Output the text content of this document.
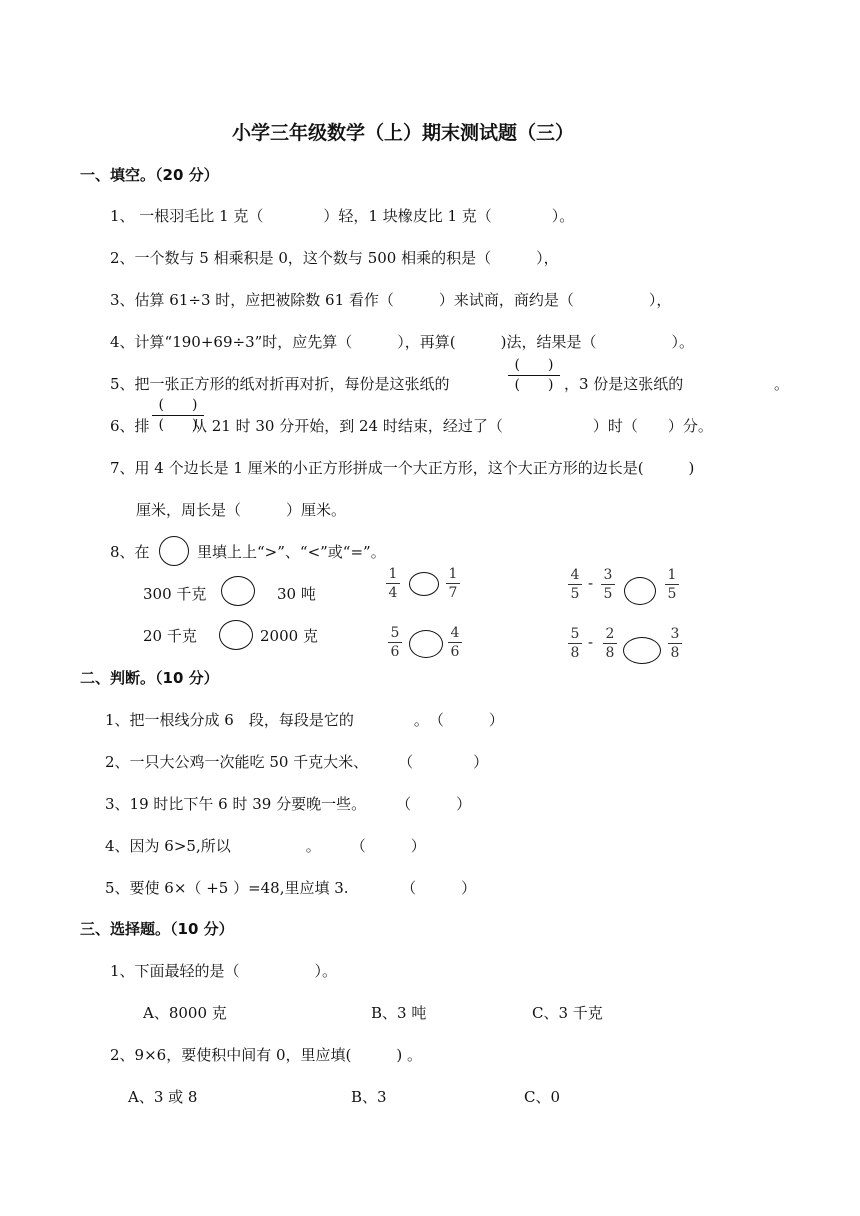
小学三年级数学（上）期末测试题（三）
一、填空。（20 分）
1、 一根羽毛比 1 克（　　　　）轻，1 块橡皮比 1 克（　　　　）。
2、一个数与 5 相乘积是 0，这个数与 500 相乘的积是（　　　），
3、估算 61÷3 时，应把被除数 61 看作（　　　）来试商，商约是（　　　　　），
4、计算“190+69÷3”时，应先算（　　　），再算(　　　)法，结果是（　　　　　）。
5、把一张正方形的纸对折再对折，每份是这张纸的
(　　)
(　　) ，3 份是这张纸的	。
6、排
(　　)
(　　)
从 21 时 30 分开始，到 24 时结束，经过了（　　　　　　）时（　　）分。
7、用 4 个边长是 1 厘米的小正方形拼成一个大正方形，这个大正方形的边长是(　　　)
厘米，周长是（　　　）厘米。
8、在	里填上上“>”、“<”或“=”。
300 千克	30 吨
20 千克	2000 克
$\frac{1}{4}$	$\frac{1}{7}$
$\frac{5}{6}$	$\frac{4}{6}$
$\frac{4}{5} - \frac{3}{5}$	$\frac{1}{5}$
$\frac{5}{8} - \frac{2}{8}$	$\frac{3}{8}$
二、判断。（10 分）
1、把一根线分成 6　段，每段是它的　　　　。　（　　　）
2、一只大公鸡一次能吃 50 千克大米、　　　（　　　　）
3、19 时比下午 6 时 39 分要晚一些。　　　（　　　）
4、因为 6>5,所以　　　　　。　　　（　　　）
5、要使 6×（ +5 ）=48,里应填 3.　　　　（　　　）
三、选择题。（10 分）
1、下面最轻的是（　　　　　）。
A、8000 克	B、3 吨	C、3 千克
2、9×6，要使积中间有 0，里应填(　　　) 。
A、3 或 8	B、3	C、0
